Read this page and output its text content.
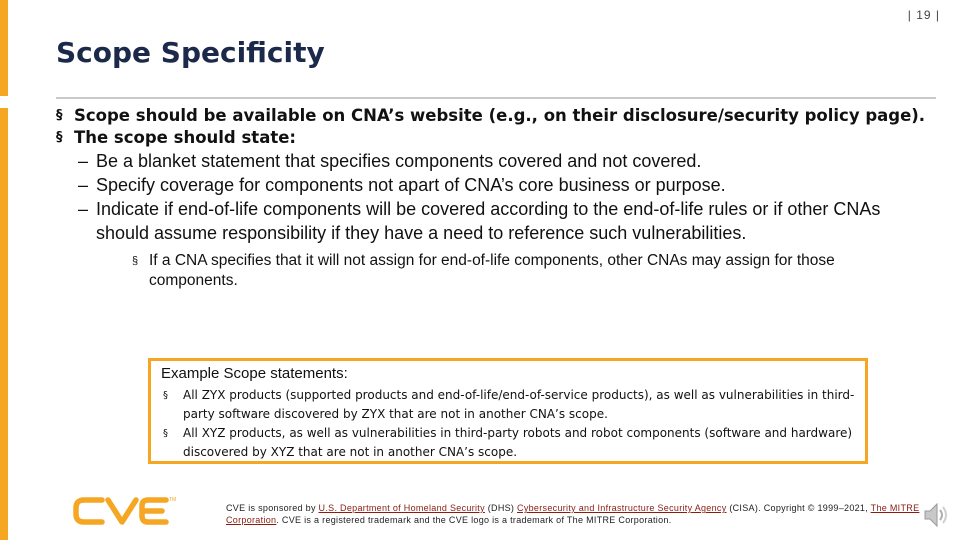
| 19 |
Scope Specificity
§ Scope should be available on CNA’s website (e.g., on their disclosure/security policy page).
§ The scope should state:
– Be a blanket statement that specifies components covered and not covered.
– Specify coverage for components not apart of CNA’s core business or purpose.
– Indicate if end-of-life components will be covered according to the end-of-life rules or if other CNAs should assume responsibility if they have a need to reference such vulnerabilities.
§ If a CNA specifies that it will not assign for end-of-life components, other CNAs may assign for those components.
Example Scope statements:
§ All ZYX products (supported products and end-of-life/end-of-service products), as well as vulnerabilities in third-party software discovered by ZYX that are not in another CNA’s scope.
§ All XYZ products, as well as vulnerabilities in third-party robots and robot components (software and hardware) discovered by XYZ that are not in another CNA’s scope.
TM
CVE is sponsored by U.S. Department of Homeland Security (DHS) Cybersecurity and Infrastructure Security Agency (CISA). Copyright © 1999–2021, The MITRE Corporation. CVE is a registered trademark and the CVE logo is a trademark of The MITRE Corporation.
